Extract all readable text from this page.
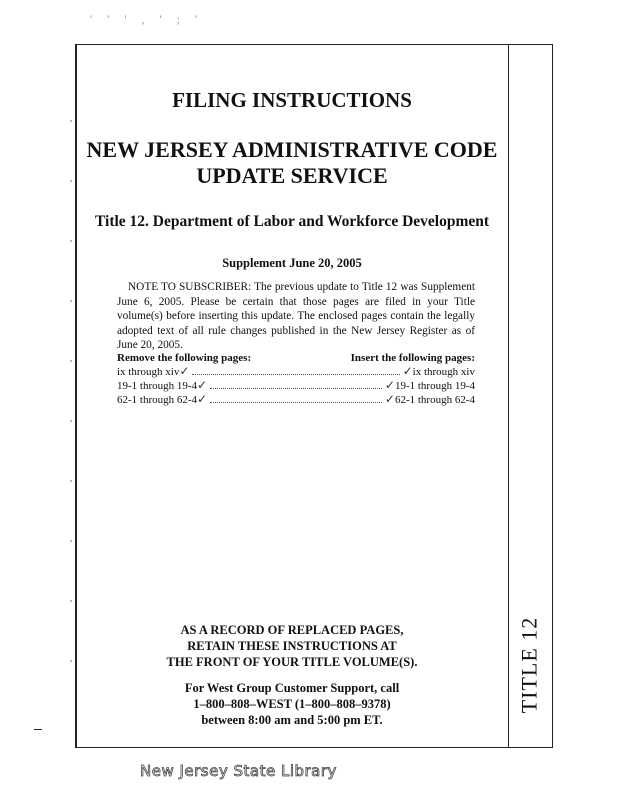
' ' ' , ' ; '
TITLE 12
FILING INSTRUCTIONS
NEW JERSEY ADMINISTRATIVE CODE
UPDATE SERVICE
Title 12. Department of Labor and Workforce Development
Supplement June 20, 2005
NOTE TO SUBSCRIBER: The previous update to Title 12 was Supplement June 6, 2005. Please be certain that those pages are filed in your Title volume(s) before inserting this update. The enclosed pages contain the legally adopted text of all rule changes published in the New Jersey Register as of June 20, 2005.
Remove the following pages:	Insert the following pages:
ix through xiv ✓	✓ ix through xiv
19-1 through 19-4 ✓	✓ 19-1 through 19-4
62-1 through 62-4 ✓	✓ 62-1 through 62-4
AS A RECORD OF REPLACED PAGES,
RETAIN THESE INSTRUCTIONS AT
THE FRONT OF YOUR TITLE VOLUME(S).
For West Group Customer Support, call
1–800–808–WEST (1–800–808–9378)
between 8:00 am and 5:00 pm ET.
New Jersey State Library
